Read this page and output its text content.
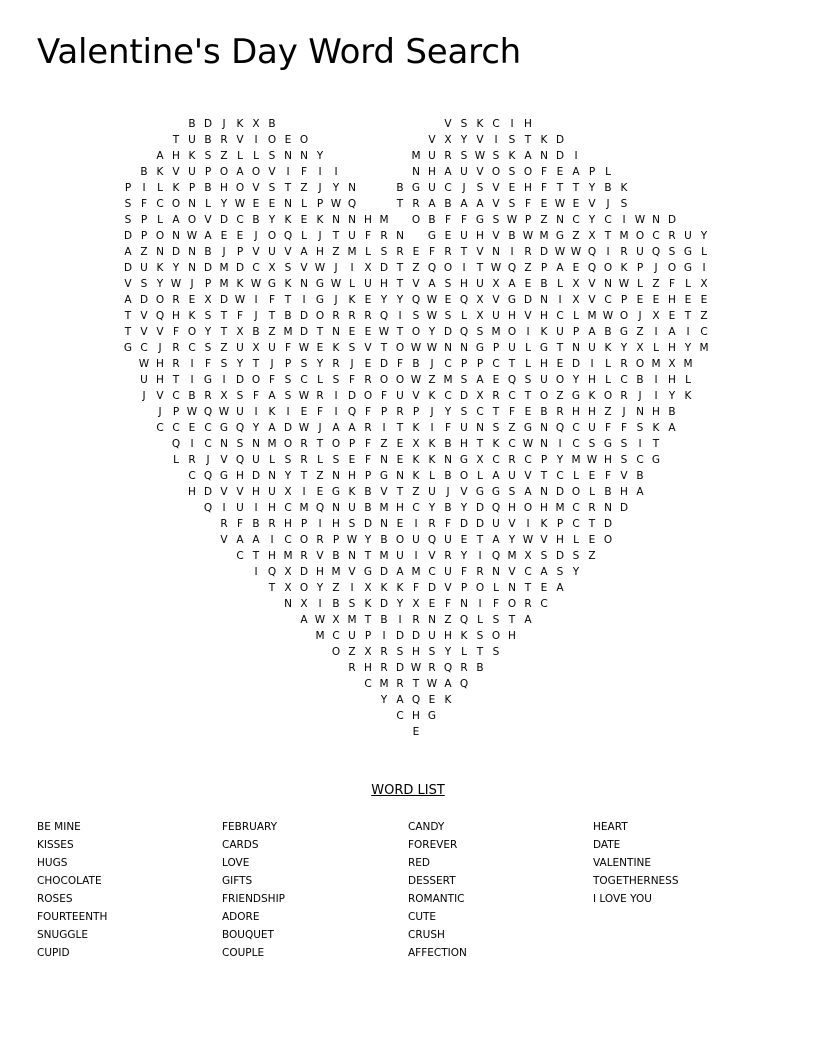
Valentine's Day Word Search
B D J	K X B	V S K C	I	H
T U B R V	I O E O	V X Y V	I	S T K D
A H K S Z L L S N N Y	M U R S W S K A N D I
B K V U P O A O V	I	F	I	I	N H A U V O S O F E A P L
P	I	L K P B H O V S T Z	J	Y N	B G U C	J	S V E H F T T Y B K
S F C O N L Y W E E N L P W Q	T R A B A A V S F E W E V	J	S
S P L A O V D C B Y K E K N N H M	O B F F G S W P Z N C Y C	I W N D
D P O N W A E E	J O Q L	J	T U F R N	G E U H V B W M G Z X T M O C R U Y
A Z N D N B	J	P V U V A H Z M L S R E F R T V N	I	R D W W Q I	R U Q S G L
D U K Y N D M D C X S V W J	I	X D T Z Q O I	T W Q Z P A E Q O K P	J O G I
V S Y W J	P M K W G K N G W L U H T V A S H U X A E B L X V N W L Z F L X
A D O R E X D W I	F T	I G J	K E Y Y Q W E Q X V G D N	I	X V C P E E H E E
T V Q H K S T F	J	T B D O R R R Q I	S W S L X U H V H C L M W O J	X E T Z
T V V F O Y T X B Z M D T N E E W T O Y D Q S M O I	K U P A B G Z	I	A	I	C
G C	J	R C S Z U X U F W E K S V T O W W N N G P U L G T N U K Y X L H Y M
W H R	I	F S Y T	J	P S Y R	J	E D F B	J	C P P C T L H E D I	L R O M X M
U H T	I G I D O F S C L S F R O O W Z M S A E Q S U O Y H L C B	I	H L
J	V C B R X S F A S W R	I D O F U V K C D X R C T O Z G K O R	J	I	Y K
J	P W Q W U	I	K	I	E F	I Q F P R P	J	Y S C T F E B R H H Z	J	N H B
C C E C G Q Y A D W J	A A R	I	T K	I	F U N S Z G N Q C U F F S K A
Q I	C N S N M O R T O P F Z E X K B H T K C W N	I	C S G S	I	T
L R	J	V Q U L S R L S E F N E K K N G X C R C P Y M W H S C G
C Q G H D N Y T Z N H P G N K L B O L A U V T C L E F V B
H D V V H U X	I	E G K B V T Z U	J	V G G S A N D O L B H A
Q I	U	I	H C M Q N U B M H C Y B Y D Q H O H M C R N D
R F B R H P	I	H S D N E	I	R F D D U V	I	K P C T D
V A A	I	C O R P W Y B O U Q U E T A Y W V H L E O
C T H M R V B N T M U	I	V R Y	I Q M X S D S Z
I Q X D H M V G D A M C U F R N V C A S Y
T X O Y Z	I	X K K F D V P O L N T E A
N X	I	B S K D Y X E F N	I	F O R C
A W X M T B	I	R N Z Q L S T A
M C U P	I D D U H K S O H
O Z X R S H S Y L T S
R H R D W R Q R B
C M R T W A Q
Y A Q E K
C H G
E
WORD LIST
BE MINE
KISSES
HUGS
CHOCOLATE
ROSES
FOURTEENTH
SNUGGLE
CUPID
FEBRUARY
CARDS
LOVE
GIFTS
FRIENDSHIP
ADORE
BOUQUET
COUPLE
CANDY
FOREVER
RED
DESSERT
ROMANTIC
CUTE
CRUSH
AFFECTION
HEART
DATE
VALENTINE
TOGETHERNESS
I LOVE YOU
